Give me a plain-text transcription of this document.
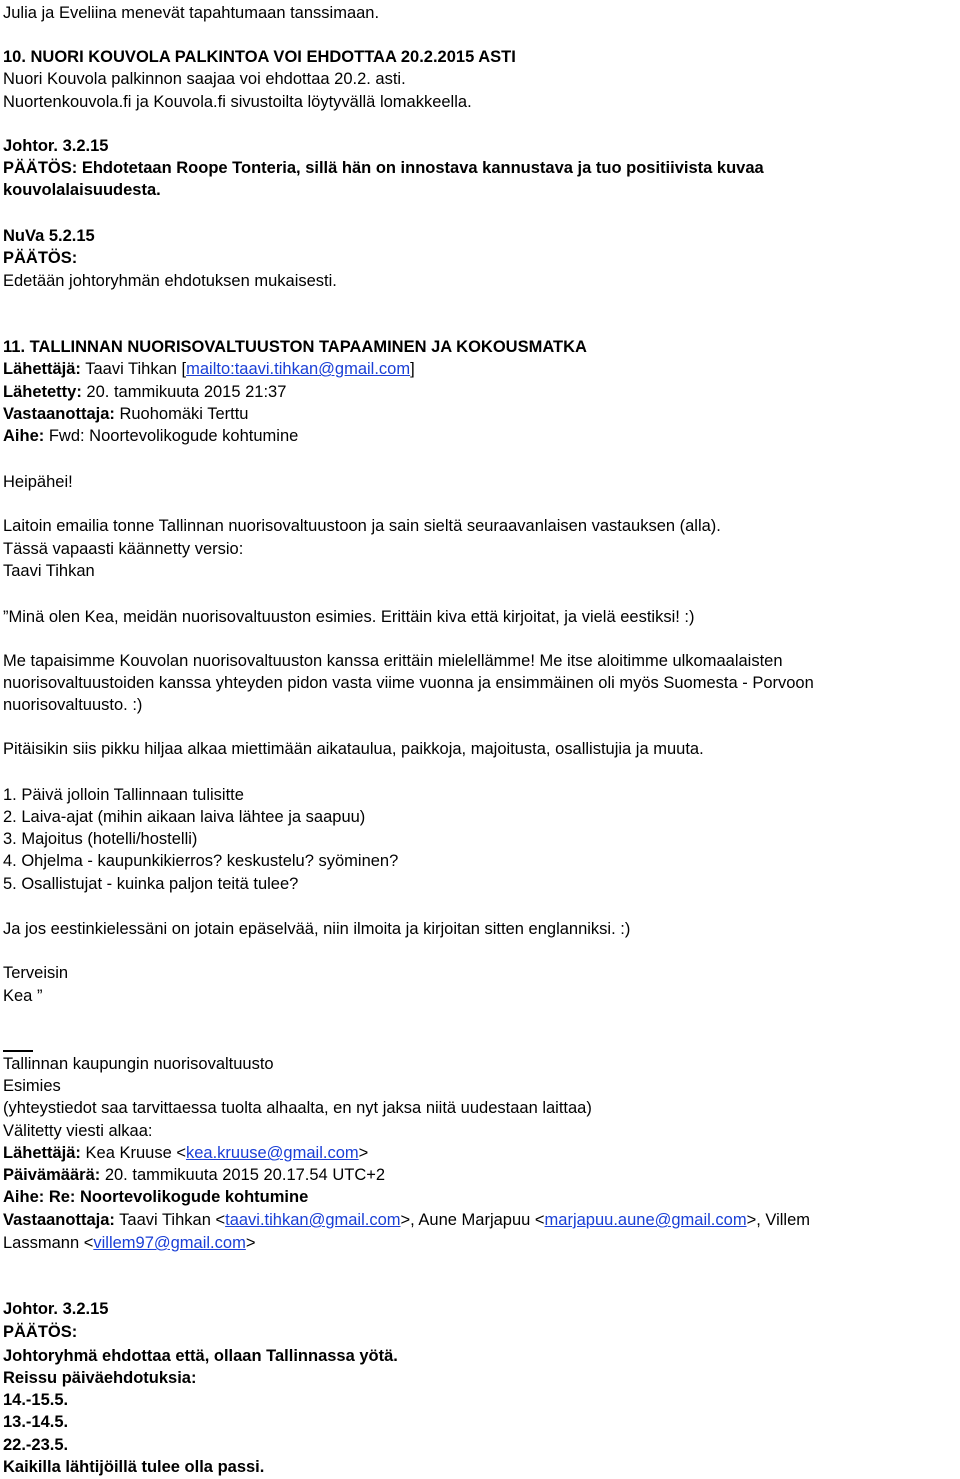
Julia ja Eveliina menevät tapahtumaan tanssimaan.
10. NUORI KOUVOLA PALKINTOA VOI EHDOTTAA 20.2.2015 ASTI
Nuori Kouvola palkinnon saajaa voi ehdottaa 20.2. asti.
Nuortenkouvola.fi ja Kouvola.fi sivustoilta löytyvällä lomakkeella.
Johtor. 3.2.15
PÄÄTÖS: Ehdotetaan Roope Tonteria, sillä hän on innostava kannustava ja tuo positiivista kuvaa
kouvolalaisuudesta.
NuVa 5.2.15
PÄÄTÖS:
Edetään johtoryhmän ehdotuksen mukaisesti.
11. TALLINNAN NUORISOVALTUUSTON TAPAAMINEN JA KOKOUSMATKA
Lähettäjä: Taavi Tihkan [mailto:taavi.tihkan@gmail.com]
Lähetetty: 20. tammikuuta 2015 21:37
Vastaanottaja: Ruohomäki Terttu
Aihe: Fwd: Noortevolikogude kohtumine
Heipähei!
Laitoin emailia tonne Tallinnan nuorisovaltuustoon ja sain sieltä seuraavanlaisen vastauksen (alla).
Tässä vapaasti käännetty versio:
Taavi Tihkan
”Minä olen Kea, meidän nuorisovaltuuston esimies. Erittäin kiva että kirjoitat, ja vielä eestiksi! :)
Me tapaisimme Kouvolan nuorisovaltuuston kanssa erittäin mielellämme! Me itse aloitimme ulkomaalaisten
nuorisovaltuustoiden kanssa yhteyden pidon vasta viime vuonna ja ensimmäinen oli myös Suomesta - Porvoon
nuorisovaltuusto. :)
Pitäisikin siis pikku hiljaa alkaa miettimään aikataulua, paikkoja, majoitusta, osallistujia ja muuta.
1. Päivä jolloin Tallinnaan tulisitte
2. Laiva-ajat (mihin aikaan laiva lähtee ja saapuu)
3. Majoitus (hotelli/hostelli)
4. Ohjelma - kaupunkikierros? keskustelu? syöminen?
5. Osallistujat - kuinka paljon teitä tulee?
Ja jos eestinkielessäni on jotain epäselvää, niin ilmoita ja kirjoitan sitten englanniksi. :)
Terveisin
Kea ”
Tallinnan kaupungin nuorisovaltuusto
Esimies
(yhteystiedot saa tarvittaessa tuolta alhaalta, en nyt jaksa niitä uudestaan laittaa)
Välitetty viesti alkaa:
Lähettäjä: Kea Kruuse <kea.kruuse@gmail.com>
Päivämäärä: 20. tammikuuta 2015 20.17.54 UTC+2
Aihe: Re: Noortevolikogude kohtumine
Vastaanottaja: Taavi Tihkan <taavi.tihkan@gmail.com>, Aune Marjapuu <marjapuu.aune@gmail.com>, Villem
Lassmann <villem97@gmail.com>
Johtor. 3.2.15
PÄÄTÖS:
Johtoryhmä ehdottaa että, ollaan Tallinnassa yötä.
Reissu päiväehdotuksia:
14.-15.5.
13.-14.5.
22.-23.5.
Kaikilla lähtijöillä tulee olla passi.
